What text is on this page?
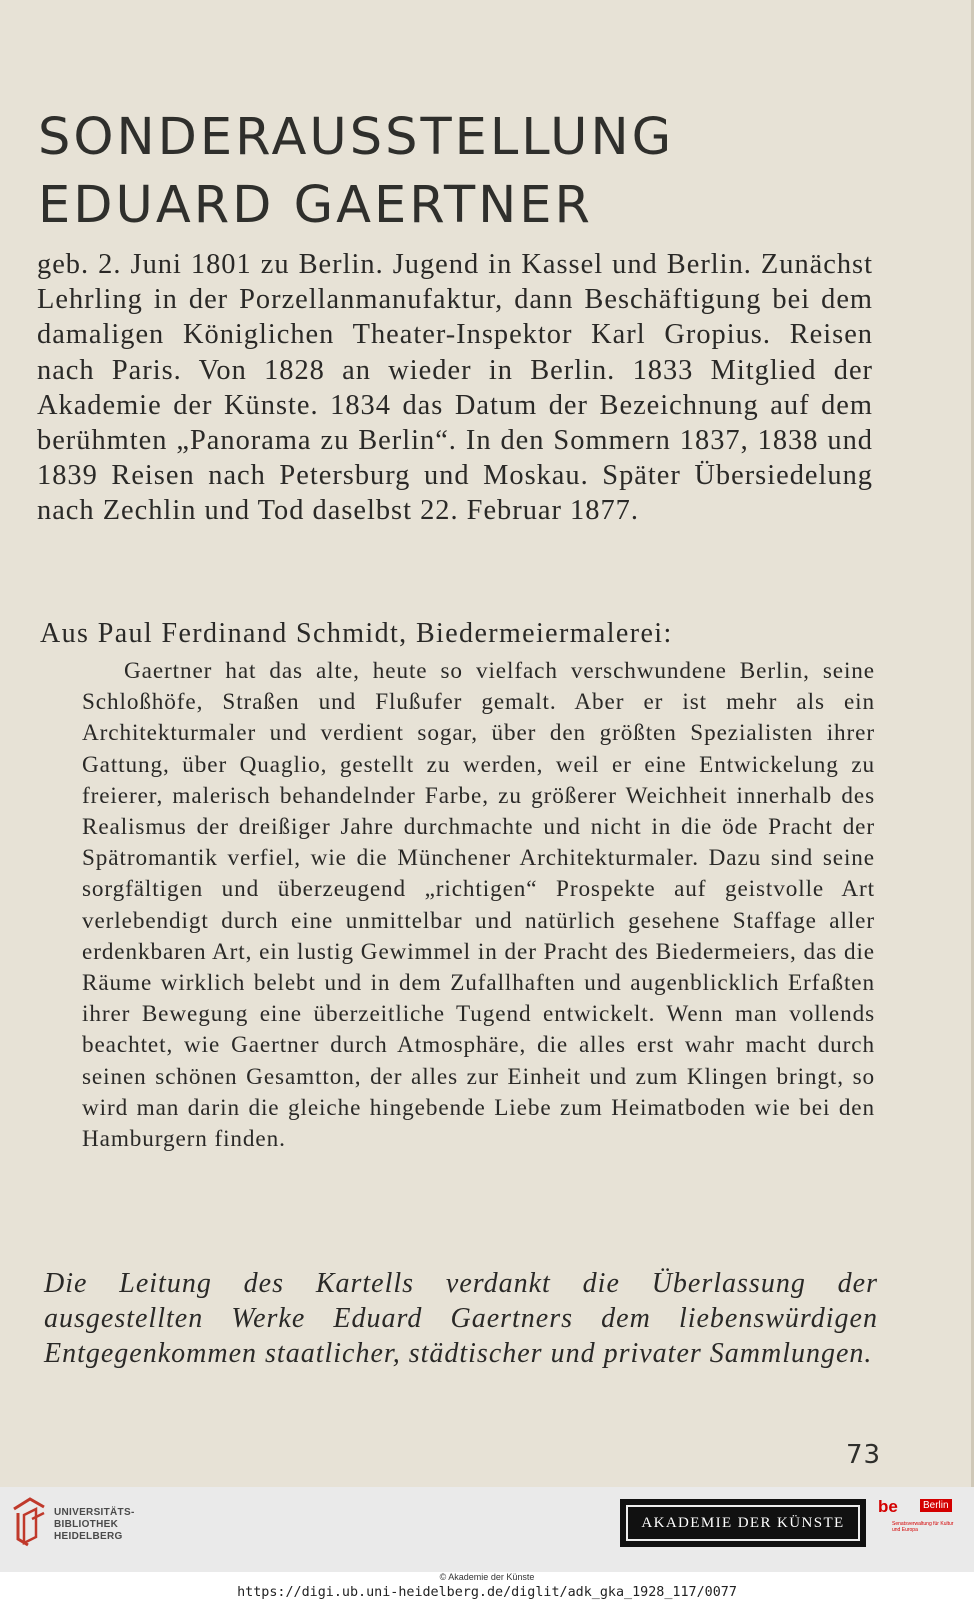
SONDERAUSSTELLUNG
EDUARD GAERTNER

geb. 2. Juni 1801 zu Berlin. Jugend in Kassel und Berlin. Zunächst Lehrling in der Porzellanmanufaktur, dann Beschäftigung bei dem damaligen Königlichen Theater-Inspektor Karl Gropius. Reisen nach Paris. Von 1828 an wieder in Berlin. 1833 Mitglied der Akademie der Künste. 1834 das Datum der Bezeichnung auf dem berühmten „Panorama zu Berlin“. In den Sommern 1837, 1838 und 1839 Reisen nach Petersburg und Moskau. Später Übersiedelung nach Zechlin und Tod daselbst 22. Februar 1877.

Aus Paul Ferdinand Schmidt, Biedermeiermalerei:

Gaertner hat das alte, heute so vielfach verschwundene Berlin, seine Schloßhöfe, Straßen und Flußufer gemalt. Aber er ist mehr als ein Architekturmaler und verdient sogar, über den größten Spezialisten ihrer Gattung, über Quaglio, gestellt zu werden, weil er eine Entwickelung zu freierer, malerisch behandelnder Farbe, zu größerer Weichheit innerhalb des Realismus der dreißiger Jahre durchmachte und nicht in die öde Pracht der Spätromantik verfiel, wie die Münchener Architekturmaler. Dazu sind seine sorgfältigen und überzeugend „richtigen“ Prospekte auf geistvolle Art verlebendigt durch eine unmittelbar und natürlich gesehene Staffage aller erdenkbaren Art, ein lustig Gewimmel in der Pracht des Biedermeiers, das die Räume wirklich belebt und in dem Zufallhaften und augenblicklich Erfaßten ihrer Bewegung eine überzeitliche Tugend entwickelt. Wenn man vollends beachtet, wie Gaertner durch Atmosphäre, die alles erst wahr macht durch seinen schönen Gesamtton, der alles zur Einheit und zum Klingen bringt, so wird man darin die gleiche hingebende Liebe zum Heimatboden wie bei den Hamburgern finden.

Die Leitung des Kartells verdankt die Überlassung der ausgestellten Werke Eduard Gaertners dem liebenswürdigen Entgegenkommen staatlicher, städtischer und privater Sammlungen.

73
UNIVERSITÄTS-
BIBLIOTHEK
HEIDELBERG
AKADEMIE DER KÜNSTE
be	Berlin
Senatsverwaltung für Kultur und Europa
© Akademie der Künste
https://digi.ub.uni-heidelberg.de/diglit/adk_gka_1928_117/0077
